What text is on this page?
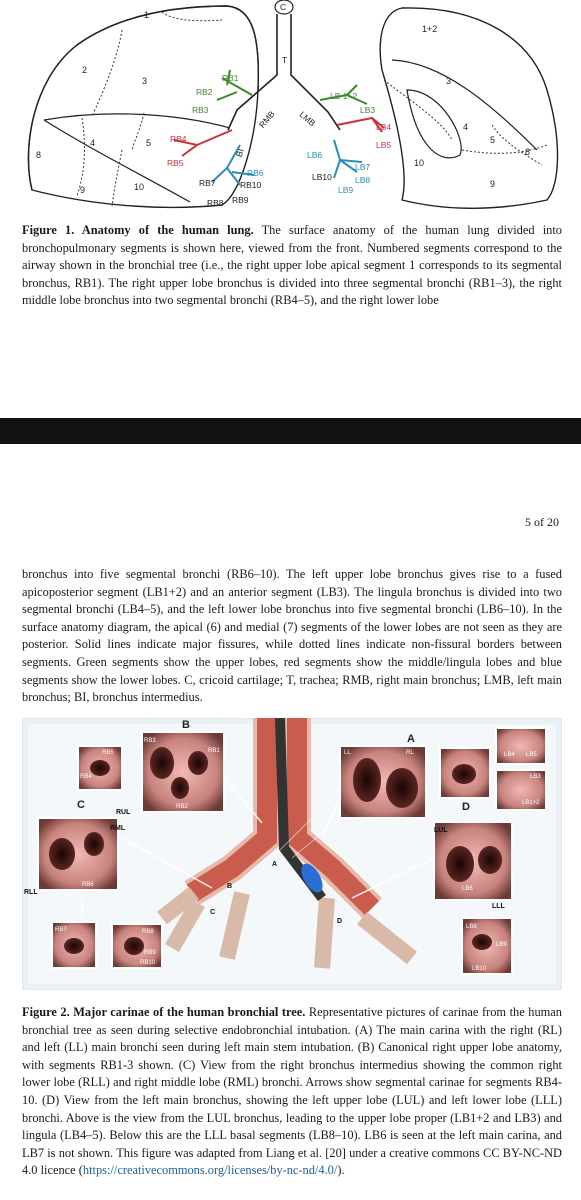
1
2
3
4	5
8
9	10
1+2
3
4
5
8
9
10
C
T
RMB LMB
BI
RB1
RB2
RB3
RB4
RB5
RB6
RB7
RB8 RB9
RB10
LB 1+2
LB3
LB4
LB5
LB6
LB7
LB8
LB9
LB10

Figure 1. Anatomy of the human lung. The surface anatomy of the human lung divided into bronchopulmonary segments is shown here, viewed from the front. Numbered segments correspond to the airway shown in the bronchial tree (i.e., the right upper lobe apical segment 1 corresponds to its segmental bronchus, RB1). The right upper lobe bronchus is divided into three segmental bronchi (RB1–3), the right middle lobe bronchus into two segmental bronchi (RB4–5), and the right lower lobe

5 of 20

bronchus into five segmental bronchi (RB6–10). The left upper lobe bronchus gives rise to a fused apicoposterior segment (LB1+2) and an anterior segment (LB3). The lingula bronchus is divided into two segmental bronchi (LB4–5), and the left lower lobe bronchus into five segmental bronchi (LB6–10). In the surface anatomy diagram, the apical (6) and medial (7) segments of the lower lobes are not seen as they are posterior. Solid lines indicate major fissures, while dotted lines indicate non-fissural borders between segments. Green segments show the upper lobes, red segments show the middle/lingula lobes and blue segments show the lower lobes. C, cricoid cartilage; T, trachea; RMB, right main bronchus; LMB, left main bronchus; BI, bronchus intermedius.

A
B
C	D
A
B
C
D
LL	RL
RB3
RB1
RB2
RUL
RB5
RB4
RML
RLL
RB6
RB7	RB8
RB9
RB10
LB4 LB5
LB3
LB1+2
LUL
LB6
LLL
LB8
LB9
LB10

Figure 2. Major carinae of the human bronchial tree. Representative pictures of carinae from the human bronchial tree as seen during selective endobronchial intubation. (A) The main carina with the right (RL) and left (LL) main bronchi seen during left main stem intubation. (B) Canonical right upper lobe anatomy, with segments RB1-3 shown. (C) View from the right bronchus intermedius showing the common right lower lobe (RLL) and right middle lobe (RML) bronchi. Arrows show segmental carinae for segments RB4-10. (D) View from the left main bronchus, showing the left upper lobe (LUL) and left lower lobe (LLL) bronchi. Above is the view from the LUL bronchus, leading to the upper lobe proper (LB1+2 and LB3) and lingula (LB4–5). Below this are the LLL basal segments (LB8–10). LB6 is seen at the left main carina, and LB7 is not shown. This figure was adapted from Liang et al. [20] under a creative commons CC BY-NC-ND 4.0 licence (https://creativecommons.org/licenses/by-nc-nd/4.0/).
